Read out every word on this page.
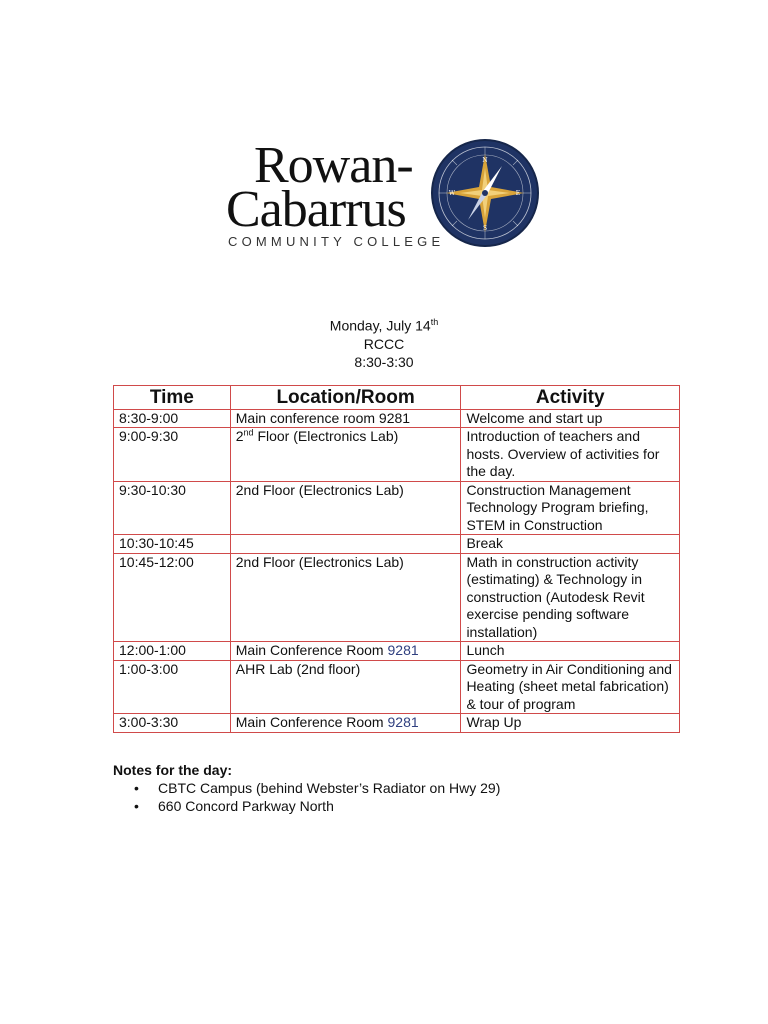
Rowan-
Cabarrus
COMMUNITY COLLEGE
N
E
S
W
Monday, July 14th
RCCC
8:30-3:30
Time	Location/Room	Activity
8:30-9:00	Main conference room 9281	Welcome and start up
9:00-9:30	2nd Floor (Electronics Lab)	Introduction of teachers and hosts. Overview of activities for the day.
9:30-10:30	2nd Floor (Electronics Lab)	Construction Management Technology Program briefing, STEM in Construction
10:30-10:45		Break
10:45-12:00	2nd Floor (Electronics Lab)	Math in construction activity (estimating) & Technology in construction (Autodesk Revit exercise pending software installation)
12:00-1:00	Main Conference Room 9281	Lunch
1:00-3:00	AHR Lab (2nd floor)	Geometry in Air Conditioning and Heating (sheet metal fabrication) & tour of program
3:00-3:30	Main Conference Room 9281	Wrap Up
Notes for the day:
• CBTC Campus (behind Webster’s Radiator on Hwy 29)
• 660 Concord Parkway North
